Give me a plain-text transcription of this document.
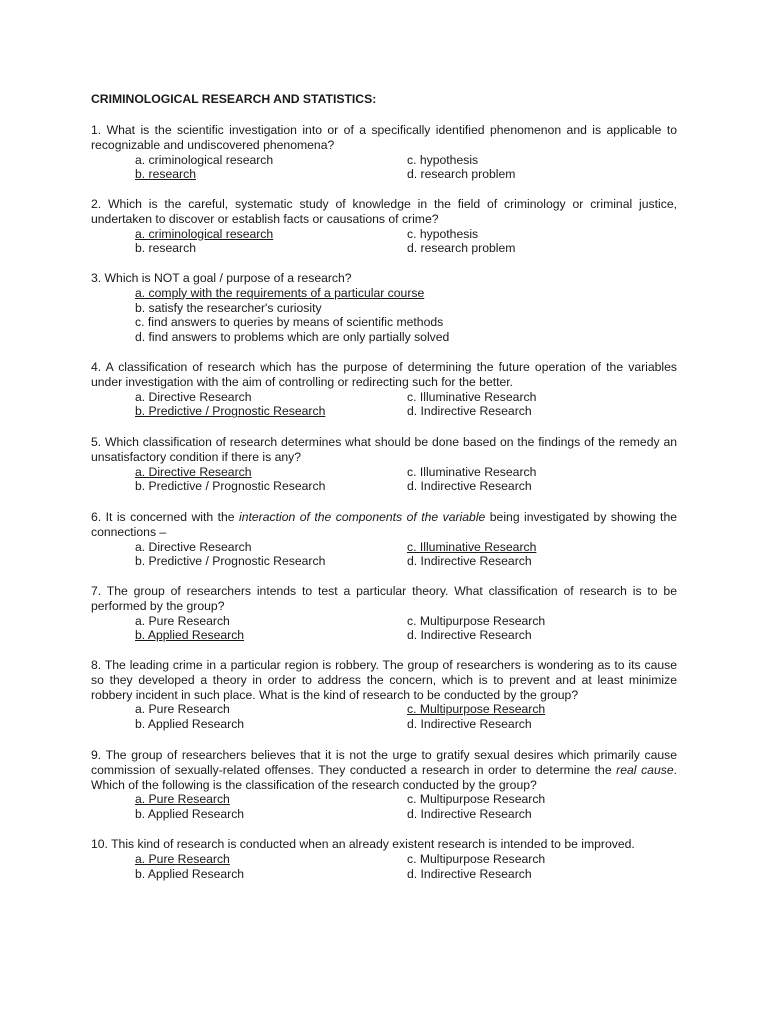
CRIMINOLOGICAL RESEARCH AND STATISTICS:
1. What is the scientific investigation into or of a specifically identified phenomenon and is applicable to recognizable and undiscovered phenomena?
a. criminological research	c. hypothesis
b. research	d. research problem
2. Which is the careful, systematic study of knowledge in the field of criminology or criminal justice, undertaken to discover or establish facts or causations of crime?
a. criminological research	c. hypothesis
b. research	d. research problem
3. Which is NOT a goal / purpose of a research?
a. comply with the requirements of a particular course
b. satisfy the researcher's curiosity
c. find answers to queries by means of scientific methods
d. find answers to problems which are only partially solved
4. A classification of research which has the purpose of determining the future operation of the variables under investigation with the aim of controlling or redirecting such for the better.
a. Directive Research	c. Illuminative Research
b. Predictive / Prognostic Research	d. Indirective Research
5. Which classification of research determines what should be done based on the findings of the remedy an unsatisfactory condition if there is any?
a. Directive Research	c. Illuminative Research
b. Predictive / Prognostic Research	d. Indirective Research
6. It is concerned with the interaction of the components of the variable being investigated by showing the connections –
a. Directive Research	c. Illuminative Research
b. Predictive / Prognostic Research	d. Indirective Research
7. The group of researchers intends to test a particular theory. What classification of research is to be performed by the group?
a. Pure Research	c. Multipurpose Research
b. Applied Research	d. Indirective Research
8. The leading crime in a particular region is robbery. The group of researchers is wondering as to its cause so they developed a theory in order to address the concern, which is to prevent and at least minimize robbery incident in such place. What is the kind of research to be conducted by the group?
a. Pure Research	c. Multipurpose Research
b. Applied Research	d. Indirective Research
9. The group of researchers believes that it is not the urge to gratify sexual desires which primarily cause commission of sexually-related offenses. They conducted a research in order to determine the real cause. Which of the following is the classification of the research conducted by the group?
a. Pure Research	c. Multipurpose Research
b. Applied Research	d. Indirective Research
10. This kind of research is conducted when an already existent research is intended to be improved.
a. Pure Research	c. Multipurpose Research
b. Applied Research	d. Indirective Research
